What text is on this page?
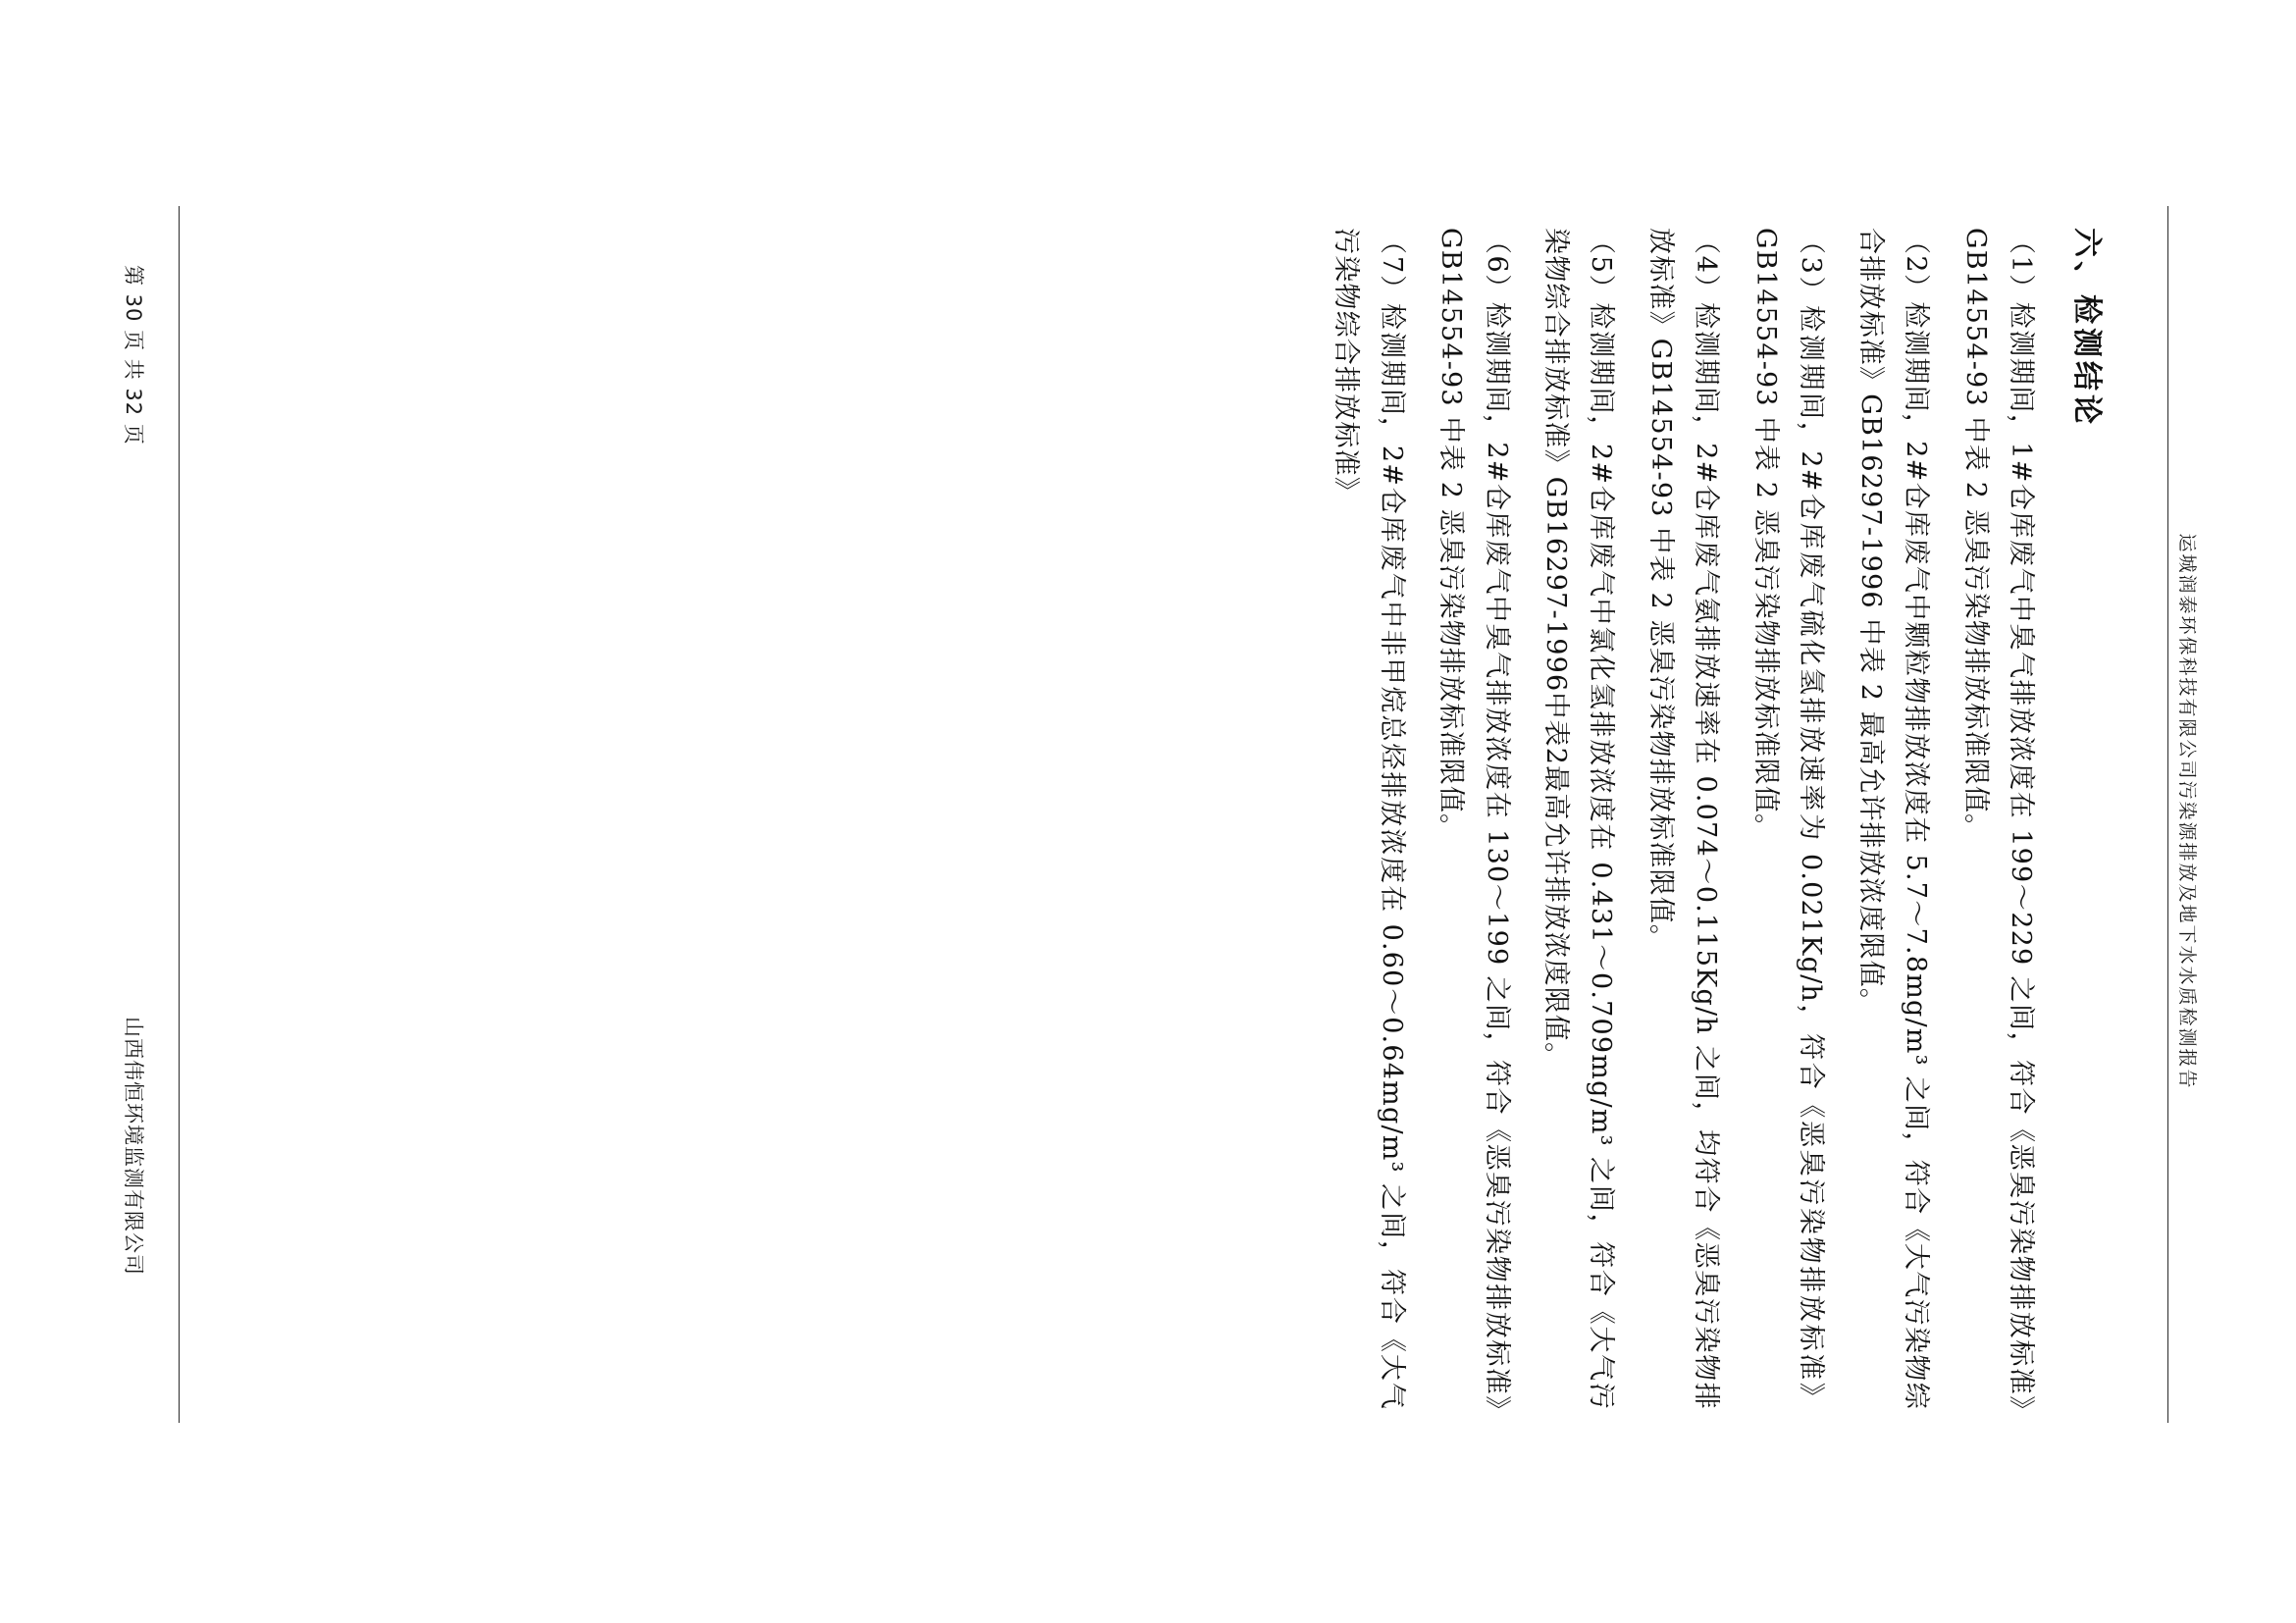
运城润泰环保科技有限公司污染源排放及地下水水质检测报告
六、检测结论

（1）检测期间，1#仓库废气中臭气排放浓度在 199～229 之间，符合《恶臭污染物排放标准》GB14554-93 中表 2 恶臭污染物排放标准限值。

（2）检测期间，2#仓库废气中颗粒物排放浓度在 5.7～7.8mg/m³ 之间，符合《大气污染物综合排放标准》GB16297-1996 中表 2 最高允许排放浓度限值。

（3）检测期间，2#仓库废气硫化氢排放速率为 0.021Kg/h，符合《恶臭污染物排放标准》GB14554-93 中表 2 恶臭污染物排放标准限值。

（4）检测期间，2#仓库废气氨排放速率在 0.074～0.115Kg/h 之间，均符合《恶臭污染物排放标准》GB14554-93 中表 2 恶臭污染物排放标准限值。

（5）检测期间，2#仓库废气中氯化氢排放浓度在 0.431～0.709mg/m³ 之间，符合《大气污染物综合排放标准》GB16297-1996中表2最高允许排放浓度限值。

（6）检测期间，2#仓库废气中臭气排放浓度在 130～199 之间，符合《恶臭污染物排放标准》GB14554-93 中表 2 恶臭污染物排放标准限值。

（7）检测期间，2#仓库废气中非甲烷总烃排放浓度在 0.60～0.64mg/m³ 之间，符合《大气污染物综合排放标准》

第 30 页 共 32 页
山西伟恒环境监测有限公司
